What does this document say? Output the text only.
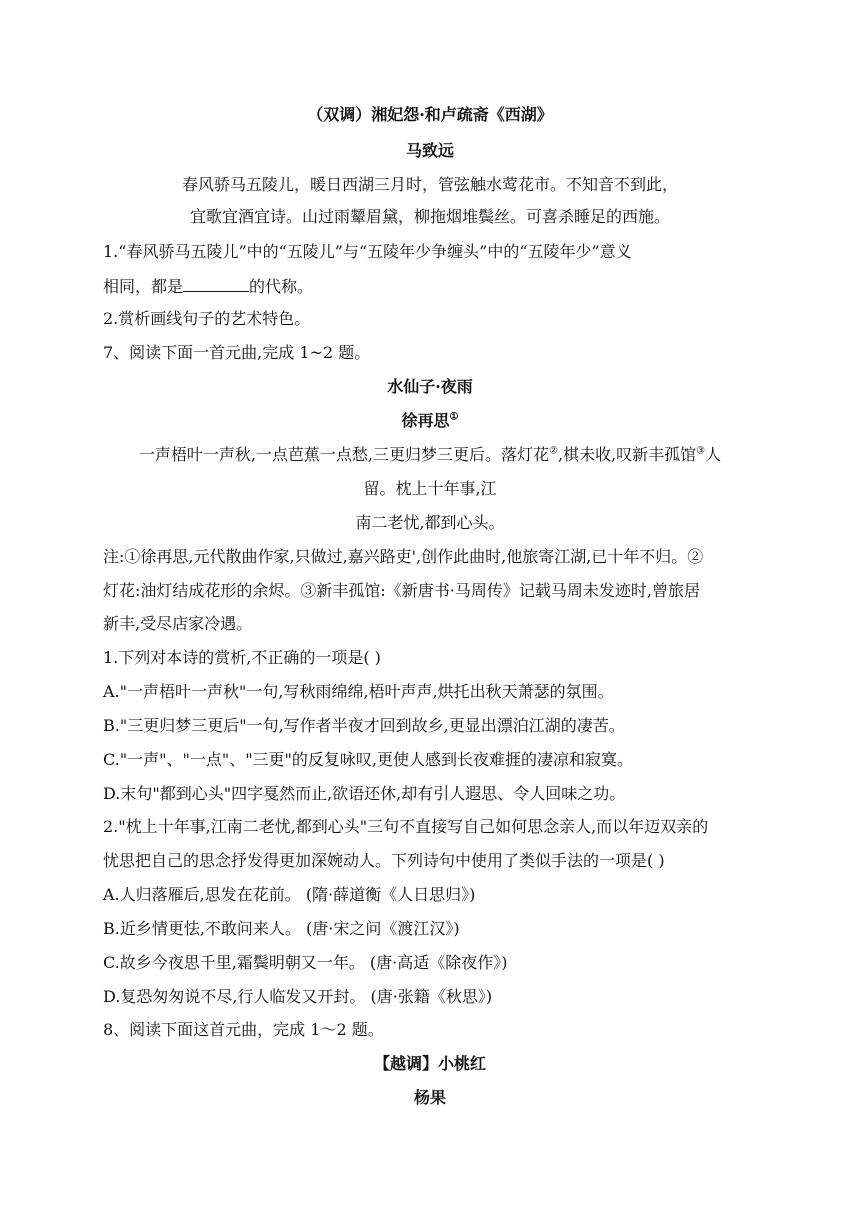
（双调）湘妃怨·和卢疏斋《西湖》
马致远
春风骄马五陵儿，暖日西湖三月时，管弦触水莺花市。不知音不到此，
宜歌宜酒宜诗。山过雨颦眉黛，柳拖烟堆鬓丝。可喜杀睡足的西施。
1.“春风骄马五陵儿”中的“五陵儿”与“五陵年少争缠头”中的“五陵年少”意义
相同，都是	的代称。
2.赏析画线句子的艺术特色。
7、阅读下面一首元曲,完成 1~2 题。
水仙子·夜雨
徐再思①
一声梧叶一声秋,一点芭蕉一点愁,三更归梦三更后。落灯花②,棋未收,叹新丰孤馆③人
留。枕上十年事,江
南二老忧,都到心头。
注:①徐再思,元代散曲作家,只做过,嘉兴路吏',创作此曲时,他旅寄江湖,已十年不归。②
灯花:油灯结成花形的余烬。③新丰孤馆:《新唐书·马周传》记载马周未发迹时,曾旅居
新丰,受尽店家冷遇。
1.下列对本诗的赏析,不正确的一项是( )
A."一声梧叶一声秋"一句,写秋雨绵绵,梧叶声声,烘托出秋天萧瑟的氛围。
B."三更归梦三更后"一句,写作者半夜才回到故乡,更显出漂泊江湖的凄苦。
C."一声"、"一点"、"三更"的反复咏叹,更使人感到长夜难捱的凄凉和寂寞。
D.末句"都到心头"四字戛然而止,欲语还休,却有引人遐思、令人回味之功。
2."枕上十年事,江南二老忧,都到心头"三句不直接写自己如何思念亲人,而以年迈双亲的
忧思把自己的思念抒发得更加深婉动人。下列诗句中使用了类似手法的一项是( )
A.人归落雁后,思发在花前。 (隋·薛道衡《人日思归》)
B.近乡情更怯,不敢问来人。 (唐·宋之问《渡江汉》)
C.故乡今夜思千里,霜鬓明朝又一年。 (唐·高适《除夜作》)
D.复恐匆匆说不尽,行人临发又开封。 (唐·张籍《秋思》)
8、阅读下面这首元曲，完成 1～2 题。
【越调】小桃红
杨果
